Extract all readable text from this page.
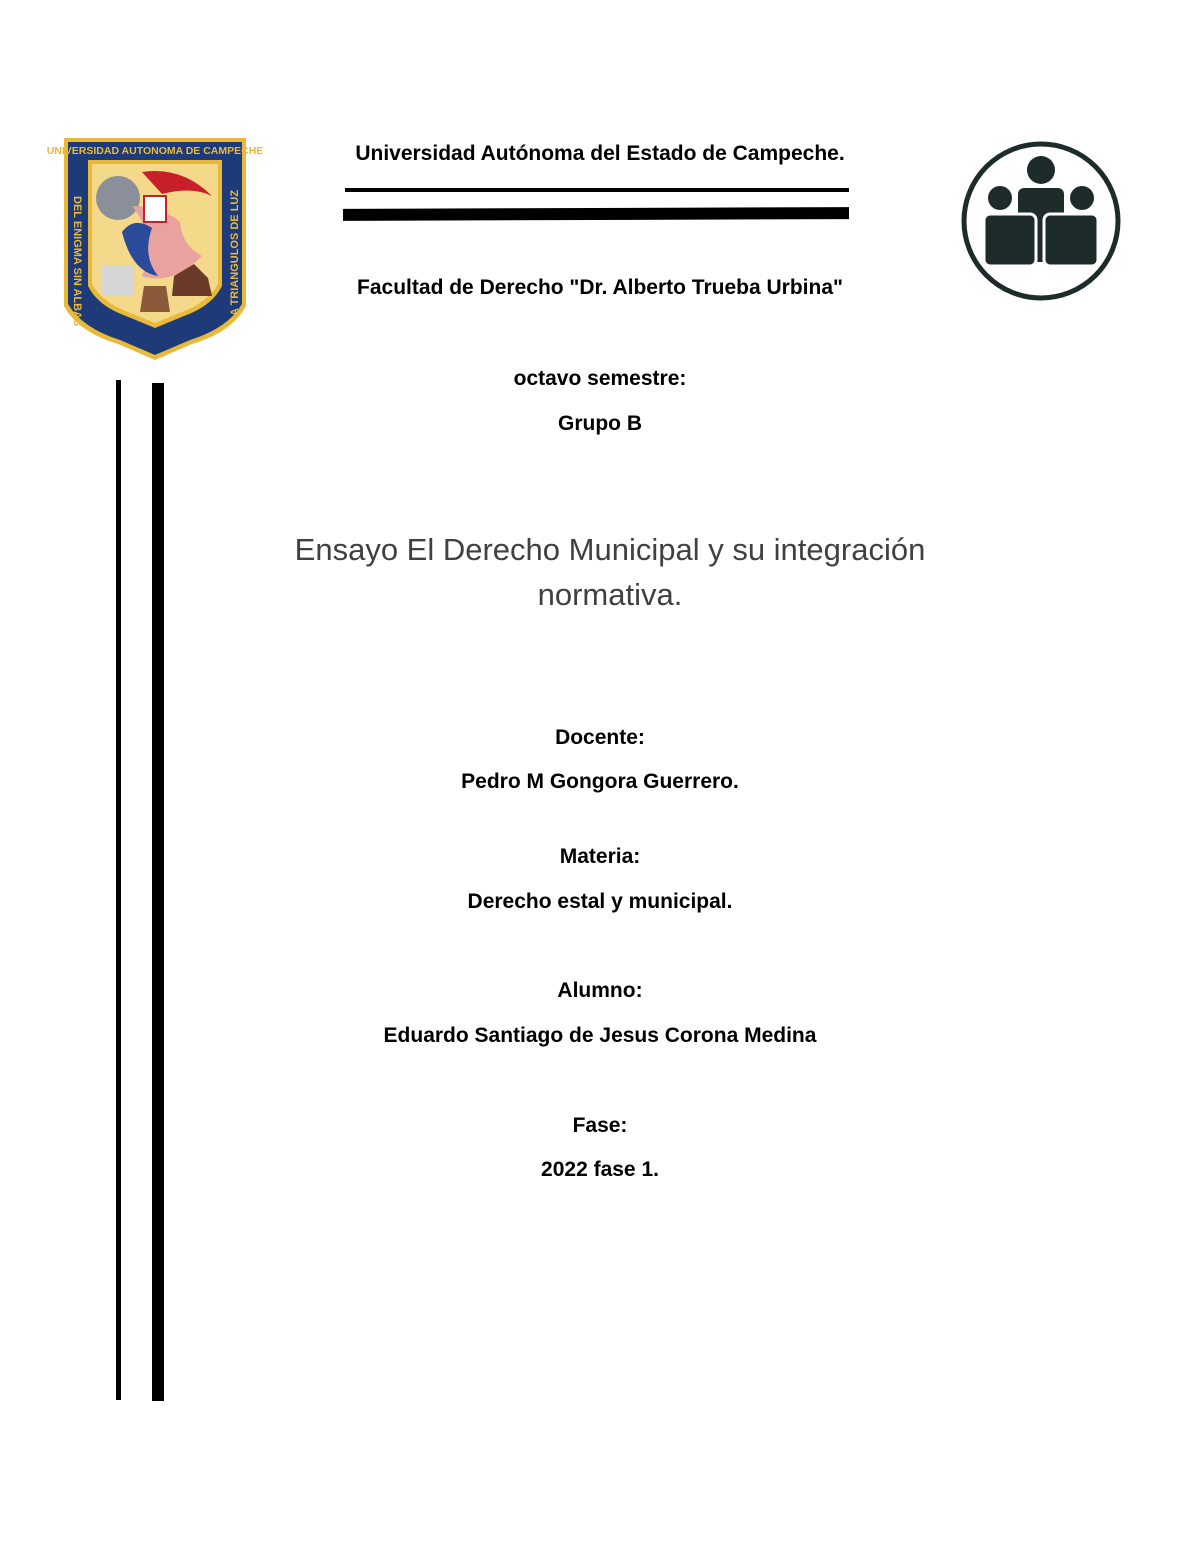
UNIVERSIDAD AUTONOMA DE CAMPECHE
DEL ENIGMA SIN ALBAS	A TRIANGULOS DE LUZ
Universidad Autónoma del Estado de Campeche.
Facultad de Derecho "Dr. Alberto Trueba Urbina"
octavo semestre:
Grupo B
Ensayo El Derecho Municipal y su integración
normativa.
Docente:
Pedro M Gongora Guerrero.
Materia:
Derecho estal y municipal.
Alumno:
Eduardo Santiago de Jesus Corona Medina
Fase:
2022 fase 1.
